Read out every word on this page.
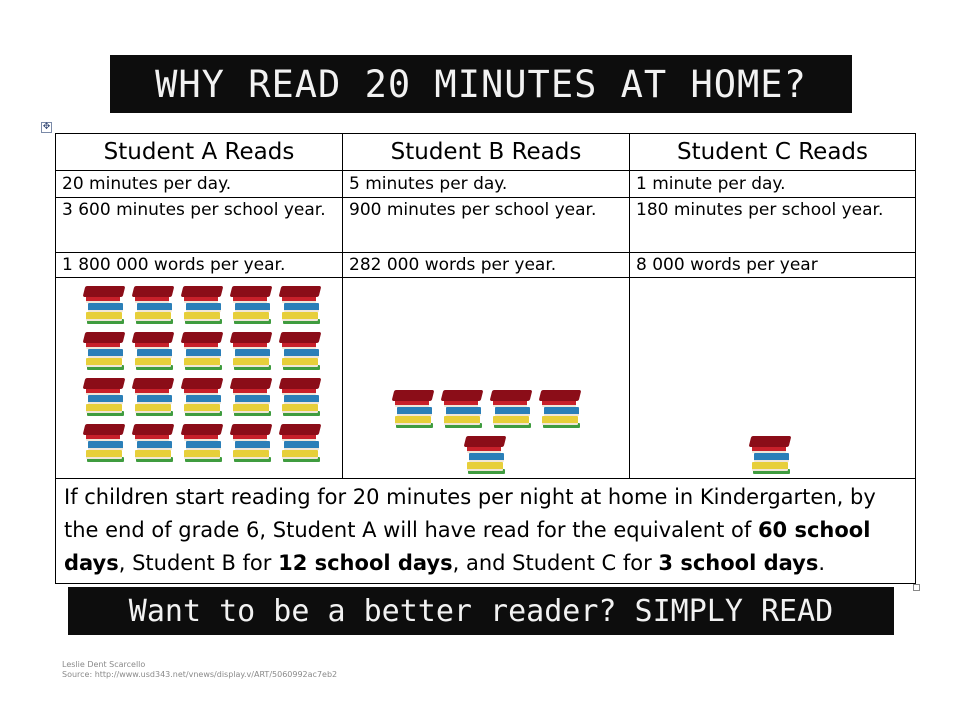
WHY READ 20 MINUTES AT HOME?
✥
Student A Reads	Student B Reads	Student C Reads
20 minutes per day.	5 minutes per day.	1 minute per day.
3 600 minutes per school year.	900 minutes per school year.	180 minutes per school year.
1 800 000 words per year.	282 000 words per year.	8 000 words per year

If children start reading for 20 minutes per night at home in Kindergarten, by the end of grade 6, Student A will have read for the equivalent of 60 school days, Student B for 12 school days, and Student C for 3 school days.		
Want to be a better reader? SIMPLY READ
Leslie Dent Scarcello
Source: http://www.usd343.net/vnews/display.v/ART/5060992ac7eb2
